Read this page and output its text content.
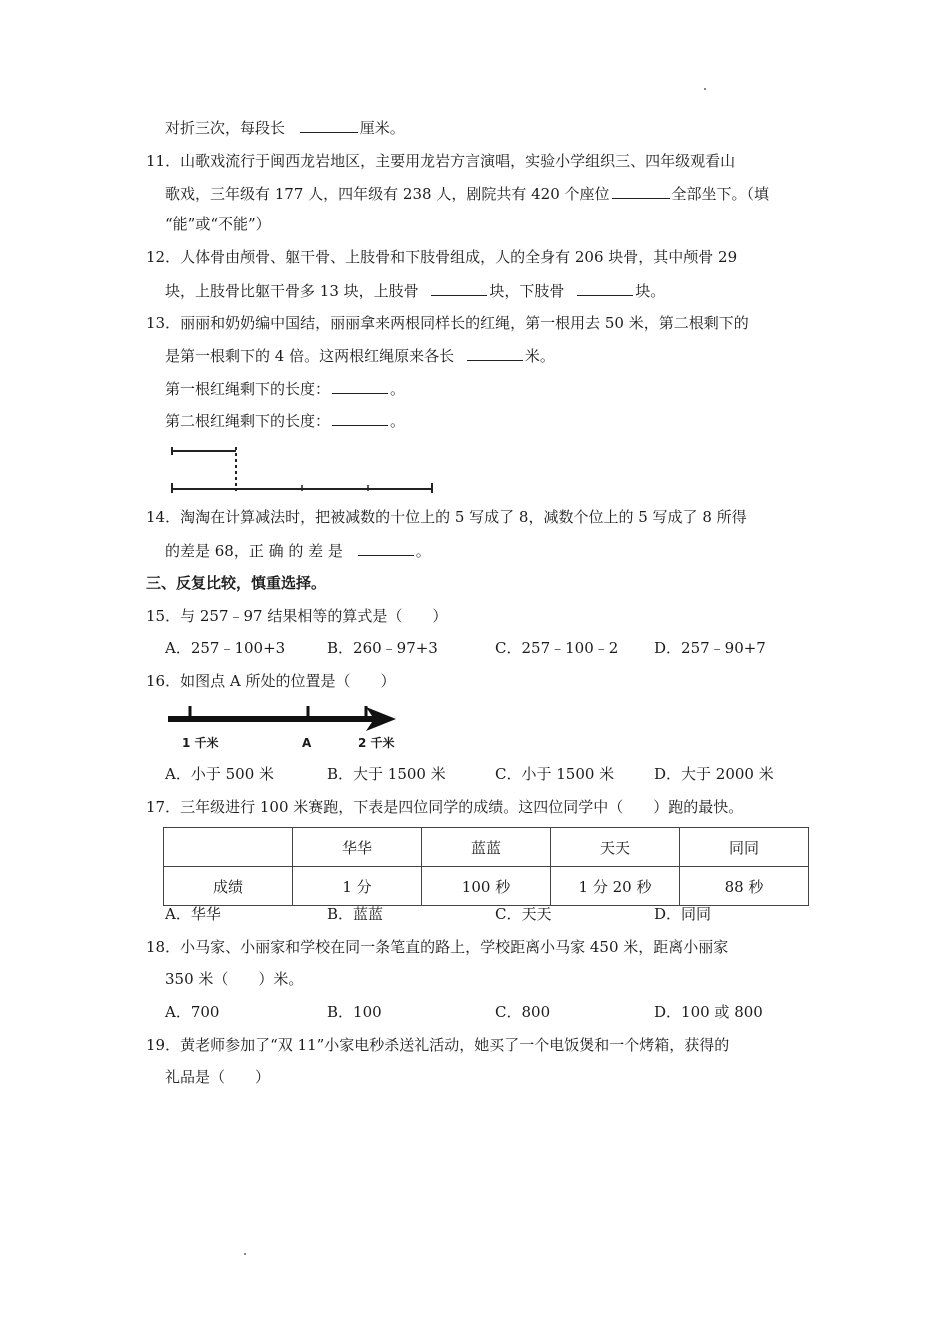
对折三次，每段长	厘米。
11．山歌戏流行于闽西龙岩地区，主要用龙岩方言演唱，实验小学组织三、四年级观看山
歌戏，三年级有 177 人，四年级有 238 人，剧院共有 420 个座位	全部坐下。（填
“能”或“不能”）
12．人体骨由颅骨、躯干骨、上肢骨和下肢骨组成，人的全身有 206 块骨，其中颅骨 29
块，上肢骨比躯干骨多 13 块，上肢骨	块，下肢骨	块。
13．丽丽和奶奶编中国结，丽丽拿来两根同样长的红绳，第一根用去 50 米，第二根剩下的
是第一根剩下的 4 倍。这两根红绳原来各长	米。
第一根红绳剩下的长度：	。
第二根红绳剩下的长度：	。
14．淘淘在计算减法时，把被减数的十位上的 5 写成了 8，减数个位上的 5 写成了 8 所得
的差是 68，正 确 的 差 是	。
三、反复比较，慎重选择。
15．与 257﹣97 结果相等的算式是（　　）
A．257﹣100+3	B．260﹣97+3	C．257﹣100﹣2 D．257﹣90+7
16．如图点 A 所处的位置是（　　）
1 千米	A	2 千米
A．小于 500 米	B．大于 1500 米	C．小于 1500 米	D．大于 2000 米
17．三年级进行 100 米赛跑，下表是四位同学的成绩。这四位同学中（　　）跑的最快。
	华华	蓝蓝	天天	同同
成绩	1 分	100 秒	1 分 20 秒	88 秒
A．华华	B．蓝蓝	C．天天	D．同同
18．小马家、小丽家和学校在同一条笔直的路上，学校距离小马家 450 米，距离小丽家
350 米（　　）米。
A．700	B．100	C．800	D．100 或 800
19．黄老师参加了“双 11”小家电秒杀送礼活动，她买了一个电饭煲和一个烤箱，获得的
礼品是（　　）
